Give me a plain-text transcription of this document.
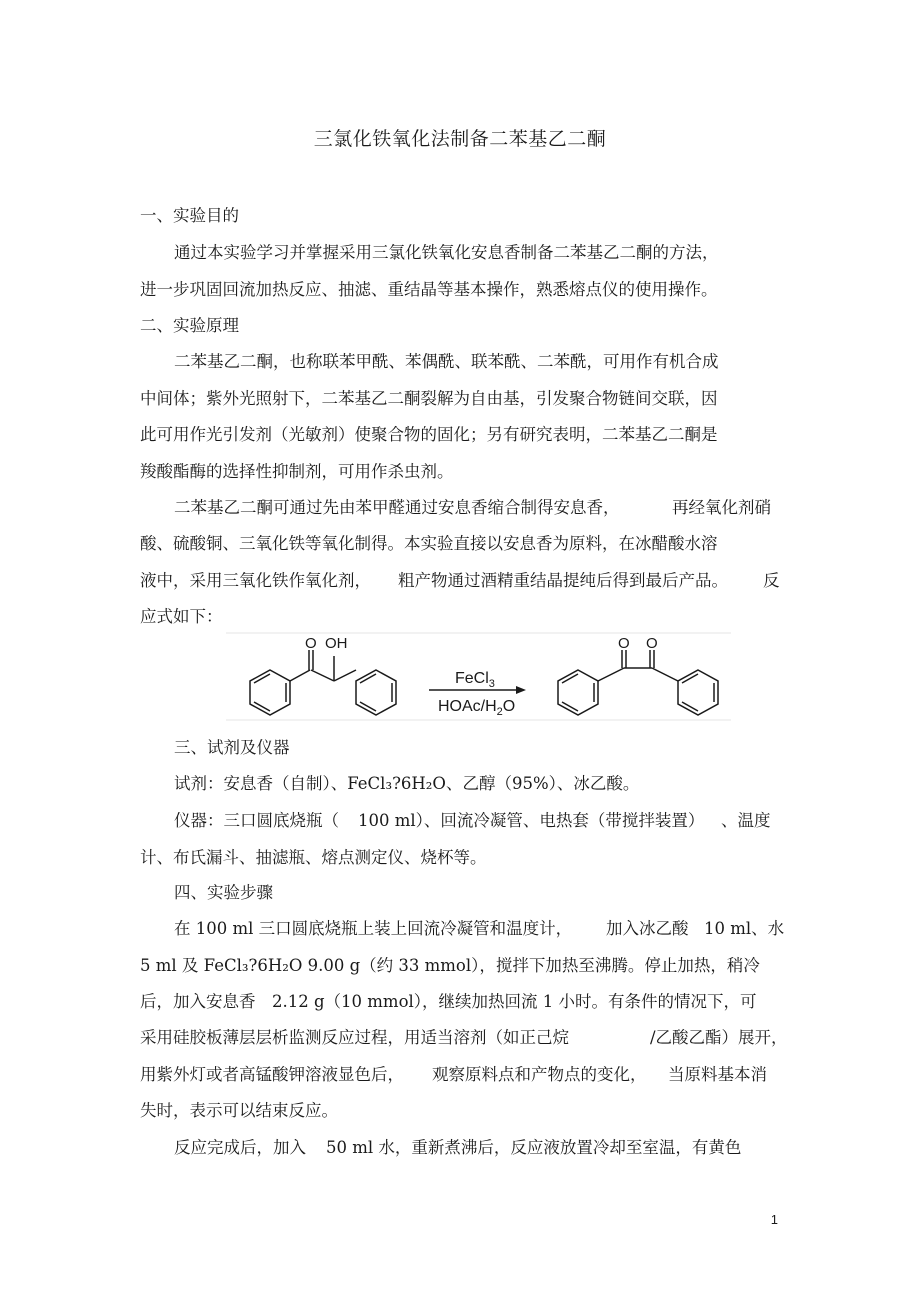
三氯化铁氧化法制备二苯基乙二酮
一、实验目的
通过本实验学习并掌握采用三氯化铁氧化安息香制备二苯基乙二酮的方法，
进一步巩固回流加热反应、抽滤、重结晶等基本操作，熟悉熔点仪的使用操作。
二、实验原理
二苯基乙二酮，也称联苯甲酰、苯偶酰、联苯酰、二苯酰，可用作有机合成
中间体；紫外光照射下，二苯基乙二酮裂解为自由基，引发聚合物链间交联，因
此可用作光引发剂（光敏剂）使聚合物的固化；另有研究表明，二苯基乙二酮是
羧酸酯酶的选择性抑制剂，可用作杀虫剂。
二苯基乙二酮可通过先由苯甲醛通过安息香缩合制得安息香，	再经氧化剂硝
酸、硫酸铜、三氧化铁等氧化制得。本实验直接以安息香为原料，在冰醋酸水溶
液中，采用三氧化铁作氧化剂， 粗产物通过酒精重结晶提纯后得到最后产品。 反
应式如下：
O OH	O O
FeCl$_3$
HOAc/$H_2O$
三、试剂及仪器
试剂：安息香（自制）、FeCl₃?6H₂O、乙醇（95%）、冰乙酸。
仪器：三口圆底烧瓶（ 100 ml）、回流冷凝管、电热套（带搅拌装置） 、温度
计、布氏漏斗、抽滤瓶、熔点测定仪、烧杯等。
四、实验步骤
在 100 ml 三口圆底烧瓶上装上回流冷凝管和温度计， 加入冰乙酸 10 ml、水
5 ml 及 FeCl₃?6H₂O 9.00 g（约 33 mmol），搅拌下加热至沸腾。停止加热，稍冷
后，加入安息香 2.12 g（10 mmol），继续加热回流 1 小时。有条件的情况下，可
采用硅胶板薄层层析监测反应过程，用适当溶剂（如正己烷	/乙酸乙酯）展开，
用紫外灯或者高锰酸钾溶液显色后， 观察原料点和产物点的变化， 当原料基本消
失时，表示可以结束反应。
反应完成后，加入 50 ml 水，重新煮沸后，反应液放置冷却至室温，有黄色
1
